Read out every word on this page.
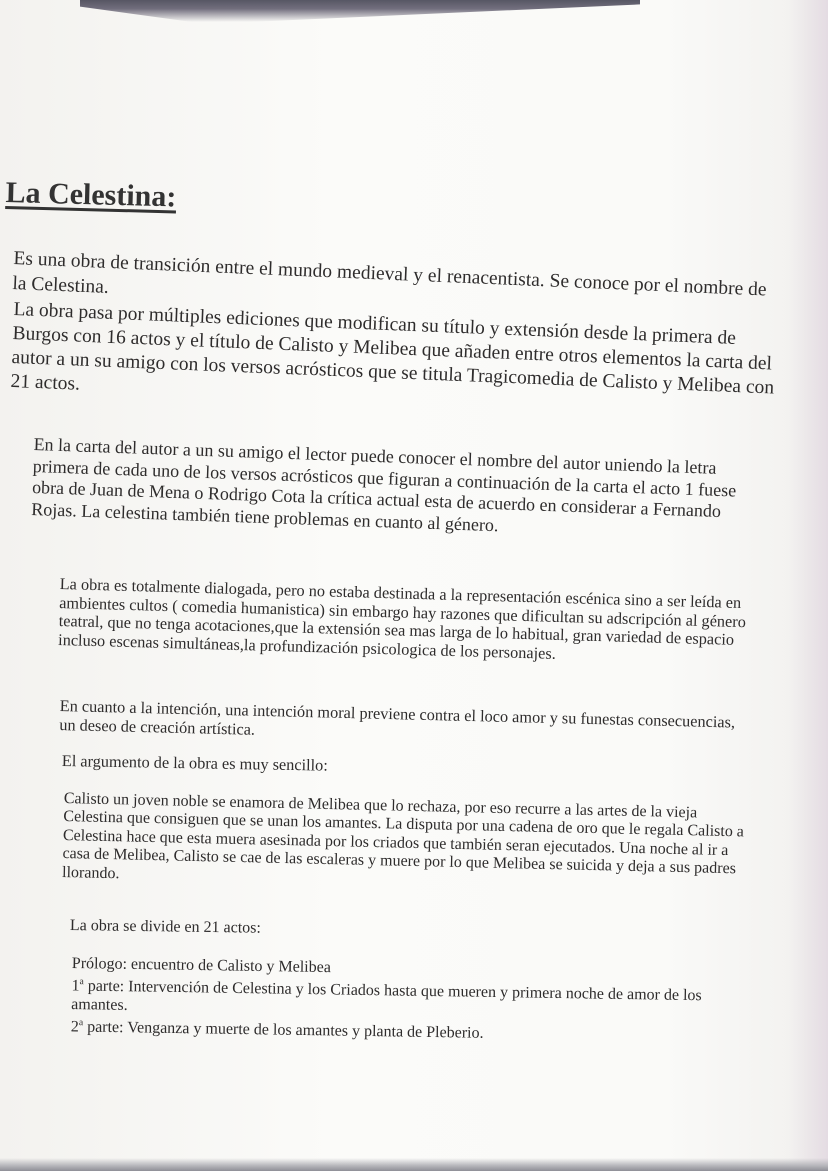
La Celestina:

Es una obra de transición entre el mundo medieval y el renacentista. Se conoce por el nombre de la Celestina.

La obra pasa por múltiples ediciones que modifican su título y extensión desde la primera de Burgos con 16 actos y el título de Calisto y Melibea que añaden entre otros elementos la carta del autor a un su amigo con los versos acrósticos que se titula Tragicomedia de Calisto y Melibea con 21 actos.

En la carta del autor a un su amigo el lector puede conocer el nombre del autor uniendo la letra primera de cada uno de los versos acrósticos que figuran a continuación de la carta el acto 1 fuese obra de Juan de Mena o Rodrigo Cota la crítica actual esta de acuerdo en considerar a Fernando Rojas. La celestina también tiene problemas en cuanto al género.

La obra es totalmente dialogada, pero no estaba destinada a la representación escénica sino a ser leída en ambientes cultos ( comedia humanistica) sin embargo hay razones que dificultan su adscripción al género teatral, que no tenga acotaciones,que la extensión sea mas larga de lo habitual, gran variedad de espacio incluso escenas simultáneas,la profundización psicologica de los personajes.

En cuanto a la intención, una intención moral previene contra el loco amor y su funestas consecuencias, un deseo de creación artística.

El argumento de la obra es muy sencillo:

Calisto un joven noble se enamora de Melibea que lo rechaza, por eso recurre a las artes de la vieja Celestina que consiguen que se unan los amantes. La disputa por una cadena de oro que le regala Calisto a Celestina hace que esta muera asesinada por los criados que también seran ejecutados. Una noche al ir a casa de Melibea, Calisto se cae de las escaleras y muere por lo que Melibea se suicida y deja a sus padres llorando.

La obra se divide en 21 actos:

Prólogo: encuentro de Calisto y Melibea
1$^a$ parte: Intervención de Celestina y los Criados hasta que mueren y primera noche de amor de los amantes.
2$^a$ parte: Venganza y muerte de los amantes y planta de Pleberio.
